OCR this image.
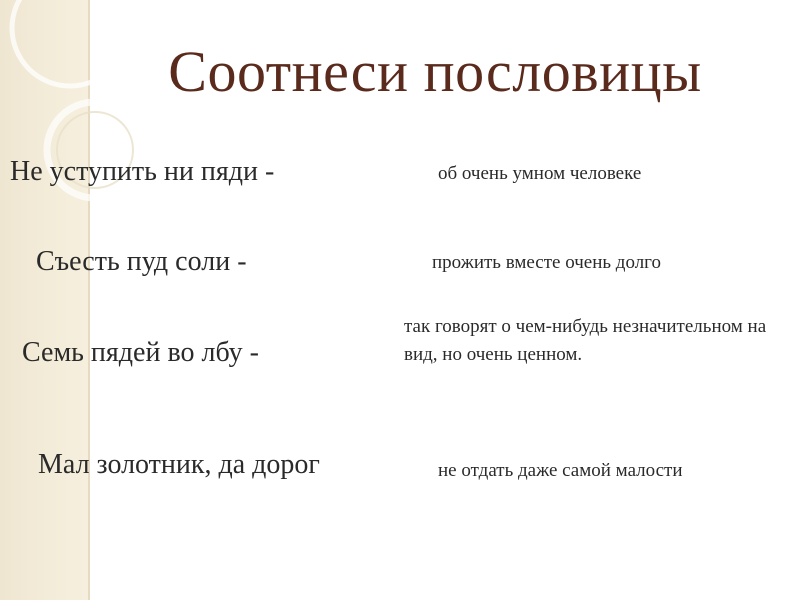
Соотнеси пословицы
Не уступить ни пяди -
Съесть пуд соли -
Семь пядей во лбу -
Мал золотник, да дорог
об очень умном человеке
прожить вместе очень долго
так говорят о чем-нибудь незначительном на вид, но очень ценном.
не отдать даже самой малости
